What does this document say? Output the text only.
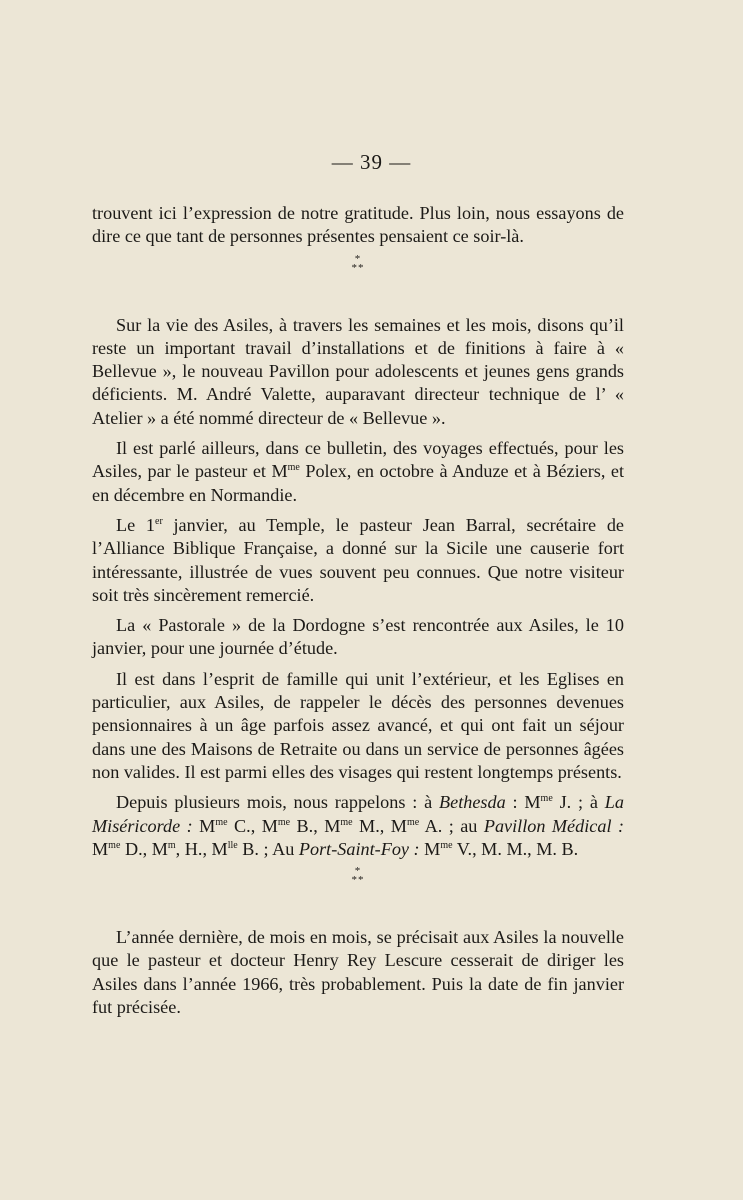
— 39 —

trouvent ici l’expression de notre gratitude. Plus loin, nous essayons de dire ce que tant de personnes présentes pensaient ce soir-là.

*
**

Sur la vie des Asiles, à travers les semaines et les mois, disons qu’il reste un important travail d’installations et de finitions à faire à « Bellevue », le nouveau Pavillon pour adolescents et jeunes gens grands déficients. M. André Valette, auparavant directeur technique de l’ « Atelier » a été nommé directeur de « Bellevue ».

Il est parlé ailleurs, dans ce bulletin, des voyages effectués, pour les Asiles, par le pasteur et $M^{me}$ Polex, en octobre à Anduze et à Béziers, et en décembre en Normandie.

Le 1er janvier, au Temple, le pasteur Jean Barral, secrétaire de l’Alliance Biblique Française, a donné sur la Sicile une causerie fort intéressante, illustrée de vues souvent peu connues. Que notre visiteur soit très sincèrement remercié.

La « Pastorale » de la Dordogne s’est rencontrée aux Asiles, le 10 janvier, pour une journée d’étude.

Il est dans l’esprit de famille qui unit l’extérieur, et les Eglises en particulier, aux Asiles, de rappeler le décès des personnes devenues pensionnaires à un âge parfois assez avancé, et qui ont fait un séjour dans une des Maisons de Retraite ou dans un service de personnes âgées non valides. Il est parmi elles des visages qui restent longtemps présents.

Depuis plusieurs mois, nous rappelons : à Bethesda : $M^{me}$ J. ; à La Miséricorde : $M^{me}$ C., $M^{me}$ B., $M^{me}$ M., $M^{me}$ A. ; au Pavillon Médical : $M^{me}$ D., $M^m$, H., $M^{lle}$ B. ; Au Port-Saint-Foy : $M^{me}$ V., M. M., M. B.

*
**

L’année dernière, de mois en mois, se précisait aux Asiles la nouvelle que le pasteur et docteur Henry Rey Lescure cesserait de diriger les Asiles dans l’année 1966, très probablement. Puis la date de fin janvier fut précisée.
